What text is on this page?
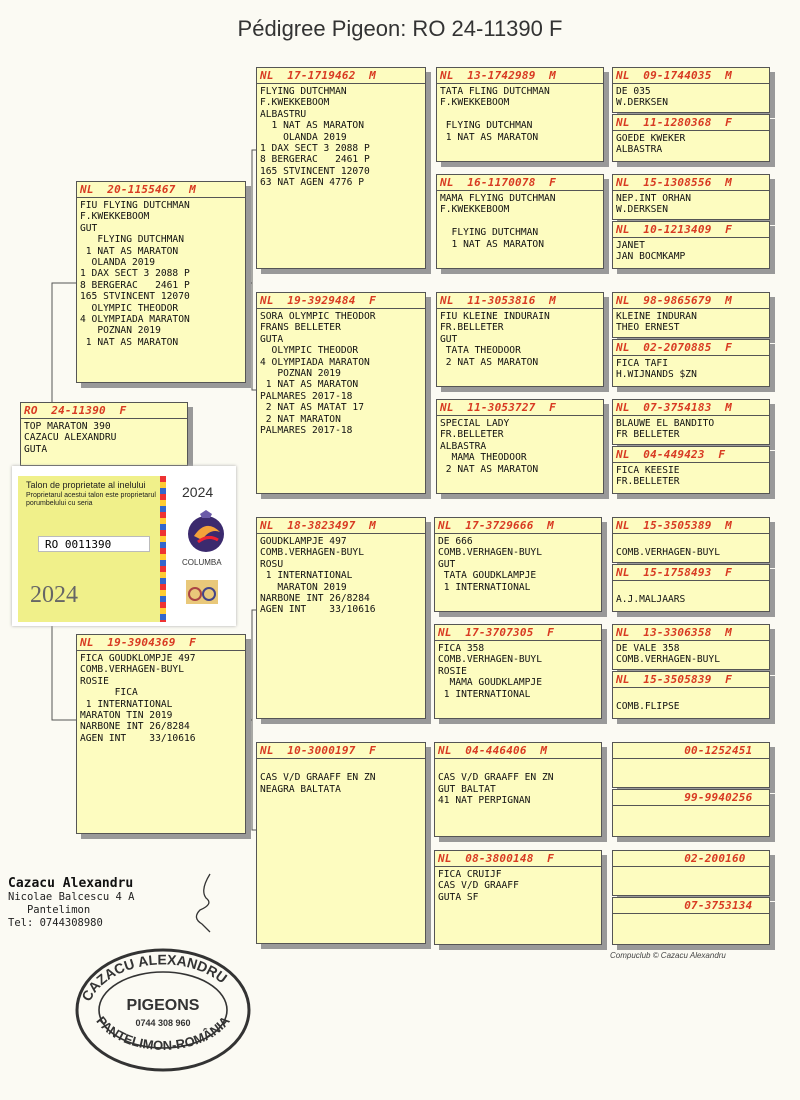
Pédigree Pigeon: RO 24-11390 F
RO  24-11390  F
TOP MARATON 390
CAZACU ALEXANDRU
GUTA
NL  20-1155467  M
FIU FLYING DUTCHMAN
F.KWEKKEBOOM
GUT
FLYING DUTCHMAN
1 NAT AS MARATON
OLANDA 2019
1 DAX SECT 3 2088 P
8 BERGERAC   2461 P
165 STVINCENT 12070
OLYMPIC THEODOR
4 OLYMPIADA MARATON
POZNAN 2019
1 NAT AS MARATON
NL  19-3904369  F
FICA GOUDKLOMPJE 497
COMB.VERHAGEN-BUYL
ROSIE
FICA
1 INTERNATIONAL
MARATON TIN 2019
NARBONE INT 26/8284
AGEN INT    33/10616
NL  17-1719462  M
FLYING DUTCHMAN
F.KWEKKEBOOM
ALBASTRU
1 NAT AS MARATON
OLANDA 2019
1 DAX SECT 3 2088 P
8 BERGERAC   2461 P
165 STVINCENT 12070
63 NAT AGEN 4776 P
NL  19-3929484  F
SORA OLYMPIC THEODOR
FRANS BELLETER
GUTA
OLYMPIC THEODOR
4 OLYMPIADA MARATON
POZNAN 2019
1 NAT AS MARATON
PALMARES 2017-18
2 NAT AS MATAT 17
2 NAT MARATON
PALMARES 2017-18
NL  18-3823497  M
GOUDKLAMPJE 497
COMB.VERHAGEN-BUYL
ROSU
1 INTERNATIONAL
MARATON 2019
NARBONE INT 26/8284
AGEN INT    33/10616
NL  10-3000197  F
CAS V/D GRAAFF EN ZN
NEAGRA BALTATA
NL  13-1742989  M
TATA FLING DUTCHMAN
F.KWEKKEBOOM
FLYING DUTCHMAN
1 NAT AS MARATON
NL  16-1170078  F
MAMA FLYING DUTCHMAN
F.KWEKKEBOOM
FLYING DUTCHMAN
1 NAT AS MARATON
NL  11-3053816  M
FIU KLEINE INDURAIN
FR.BELLETER
GUT
TATA THEODOOR
2 NAT AS MARATON
NL  11-3053727  F
SPECIAL LADY
FR.BELLETER
ALBASTRA
MAMA THEODOOR
2 NAT AS MARATON
NL  17-3729666  M
DE 666
COMB.VERHAGEN-BUYL
GUT
TATA GOUDKLAMPJE
1 INTERNATIONAL
NL  17-3707305  F
FICA 358
COMB.VERHAGEN-BUYL
ROSIE
MAMA GOUDKLAMPJE
1 INTERNATIONAL
NL  04-446406  M
CAS V/D GRAAFF EN ZN
GUT BALTAT
41 NAT PERPIGNAN
NL  08-3800148  F
FICA CRUIJF
CAS V/D GRAAFF
GUTA SF
NL  09-1744035  M
DE 035
W.DERKSEN
NL  11-1280368  F
GOEDE KWEKER
ALBASTRA
NL  15-1308556  M
NEP.INT ORHAN
W.DERKSEN
NL  10-1213409  F
JANET
JAN BOCMKAMP
NL  98-9865679  M
KLEINE INDURAN
THEO ERNEST
NL  02-2070885  F
FICA TAFI
H.WIJNANDS $ZN
NL  07-3754183  M
BLAUWE EL BANDITO
FR BELLETER
NL  04-449423  F
FICA KEESIE
FR.BELLETER
NL  15-3505389  M
COMB.VERHAGEN-BUYL
NL  15-1758493  F
A.J.MALJAARS
NL  13-3306358  M
DE VALE 358
COMB.VERHAGEN-BUYL
NL  15-3505839  F
COMB.FLIPSE
00-1252451
99-9940256
02-200160
07-3753134
Talon de proprietate al inelului
Proprietarul acestui talon este proprietarul porumbelului cu seria
RO 0011390
2024
2024
COLUMBA
Cazacu Alexandru
Nicolae Balcescu 4 A
Pantelimon
Tel: 0744308980
CAZACU ALEXANDRU
PANTELIMON-ROMÂNIA
PIGEONS
0744 308 960
Compuclub © Cazacu Alexandru
